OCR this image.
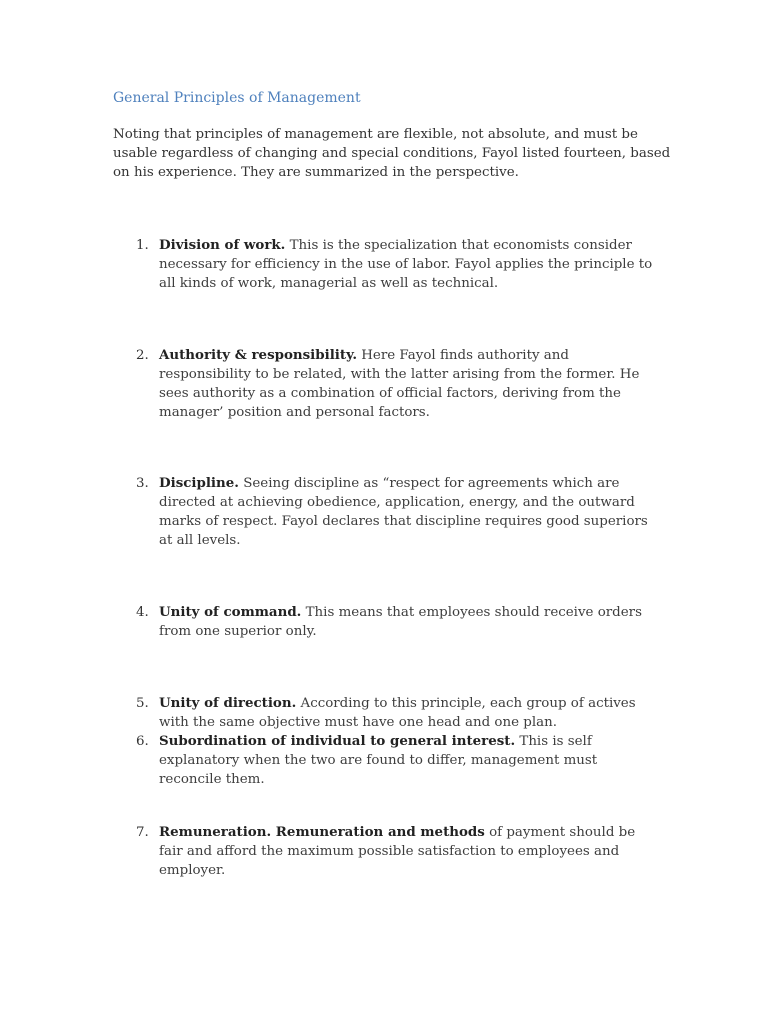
General Principles of Management

Noting that principles of management are flexible, not absolute, and must be usable regardless of changing and special conditions, Fayol listed fourteen, based on his experience. They are summarized in the perspective.

1. Division of work. This is the specialization that economists consider necessary for efficiency in the use of labor. Fayol applies the principle to all kinds of work, managerial as well as technical.
2. Authority & responsibility. Here Fayol finds authority and responsibility to be related, with the latter arising from the former. He sees authority as a combination of official factors, deriving from the manager’ position and personal factors.
3. Discipline. Seeing discipline as “respect for agreements which are directed at achieving obedience, application, energy, and the outward marks of respect. Fayol declares that discipline requires good superiors at all levels.
4. Unity of command. This means that employees should receive orders from one superior only.
5. Unity of direction. According to this principle, each group of actives with the same objective must have one head and one plan.
6. Subordination of individual to general interest. This is self explanatory when the two are found to differ, management must reconcile them.
7. Remuneration. Remuneration and methods of payment should be fair and afford the maximum possible satisfaction to employees and employer.
